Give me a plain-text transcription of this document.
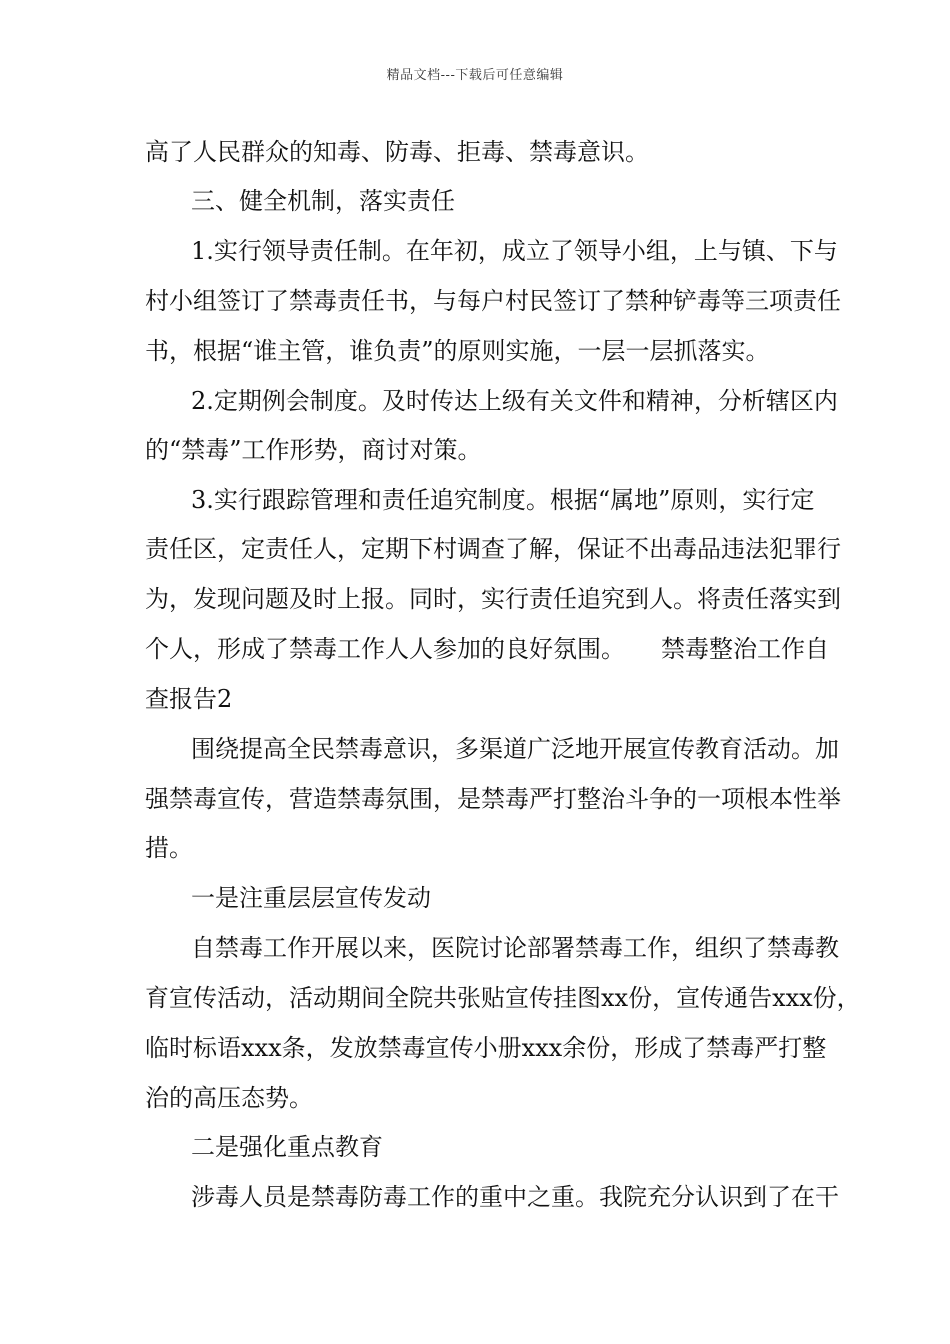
精品文档---下载后可任意编辑
高了人民群众的知毒、防毒、拒毒、禁毒意识。
三、健全机制，落实责任
1.实行领导责任制。在年初，成立了领导小组，上与镇、下与
村小组签订了禁毒责任书，与每户村民签订了禁种铲毒等三项责任
书，根据“谁主管，谁负责”的原则实施，一层一层抓落实。
2.定期例会制度。及时传达上级有关文件和精神，分析辖区内
的“禁毒”工作形势，商讨对策。
3.实行跟踪管理和责任追究制度。根据“属地”原则，实行定
责任区，定责任人，定期下村调查了解，保证不出毒品违法犯罪行
为，发现问题及时上报。同时，实行责任追究到人。将责任落实到
个人，形成了禁毒工作人人参加的良好氛围。　　禁毒整治工作自
查报告2
围绕提高全民禁毒意识，多渠道广泛地开展宣传教育活动。加
强禁毒宣传，营造禁毒氛围，是禁毒严打整治斗争的一项根本性举
措。
一是注重层层宣传发动
自禁毒工作开展以来，医院讨论部署禁毒工作，组织了禁毒教
育宣传活动，活动期间全院共张贴宣传挂图xx份，宣传通告xxx份，
临时标语xxx条，发放禁毒宣传小册xxx余份，形成了禁毒严打整
治的高压态势。
二是强化重点教育
涉毒人员是禁毒防毒工作的重中之重。我院充分认识到了在干
